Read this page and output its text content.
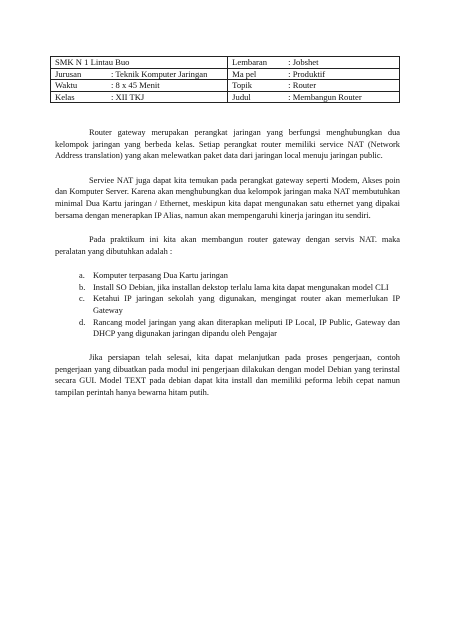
SMK N 1 Lintau Buo	Lembaran : Jobshet
Jurusan : Teknik Komputer Jaringan	Ma pel : Produktif
Waktu : 8 x 45 Menit	Topik : Router
Kelas : XII TKJ	Judul : Membangun Router

Router gateway merupakan perangkat jaringan yang berfungsi menghubungkan dua kelompok jaringan yang berbeda kelas. Setiap perangkat router memiliki service NAT (Network Address translation) yang akan melewatkan paket data dari jaringan local menuju jaringan public.

Serviee NAT juga dapat kita temukan pada perangkat gateway seperti Modem, Akses poin dan Komputer Server. Karena akan menghubungkan dua kelompok jaringan maka NAT membutuhkan minimal Dua Kartu jaringan / Ethernet, meskipun kita dapat mengunakan satu ethernet yang dipakai bersama dengan menerapkan IP Alias, namun akan mempengaruhi kinerja jaringan itu sendiri.

Pada praktikum ini kita akan membangun router gateway dengan servis NAT. maka peralatan yang dibutuhkan adalah :

a. Komputer terpasang Dua Kartu jaringan
b. Install SO Debian, jika installan dekstop terlalu lama kita dapat mengunakan model CLI
c. Ketahui IP jaringan sekolah yang digunakan, mengingat router akan memerlukan IP Gateway
d. Rancang model jaringan yang akan diterapkan meliputi IP Local, IP Public, Gateway dan DHCP yang digunakan jaringan dipandu oleh Pengajar

Jika persiapan telah selesai, kita dapat melanjutkan pada proses pengerjaan, contoh pengerjaan yang dibuatkan pada modul ini pengerjaan dilakukan dengan model Debian yang terinstal secara GUI. Model TEXT pada debian dapat kita install dan memiliki peforma lebih cepat namun tampilan perintah hanya bewarna hitam putih.
